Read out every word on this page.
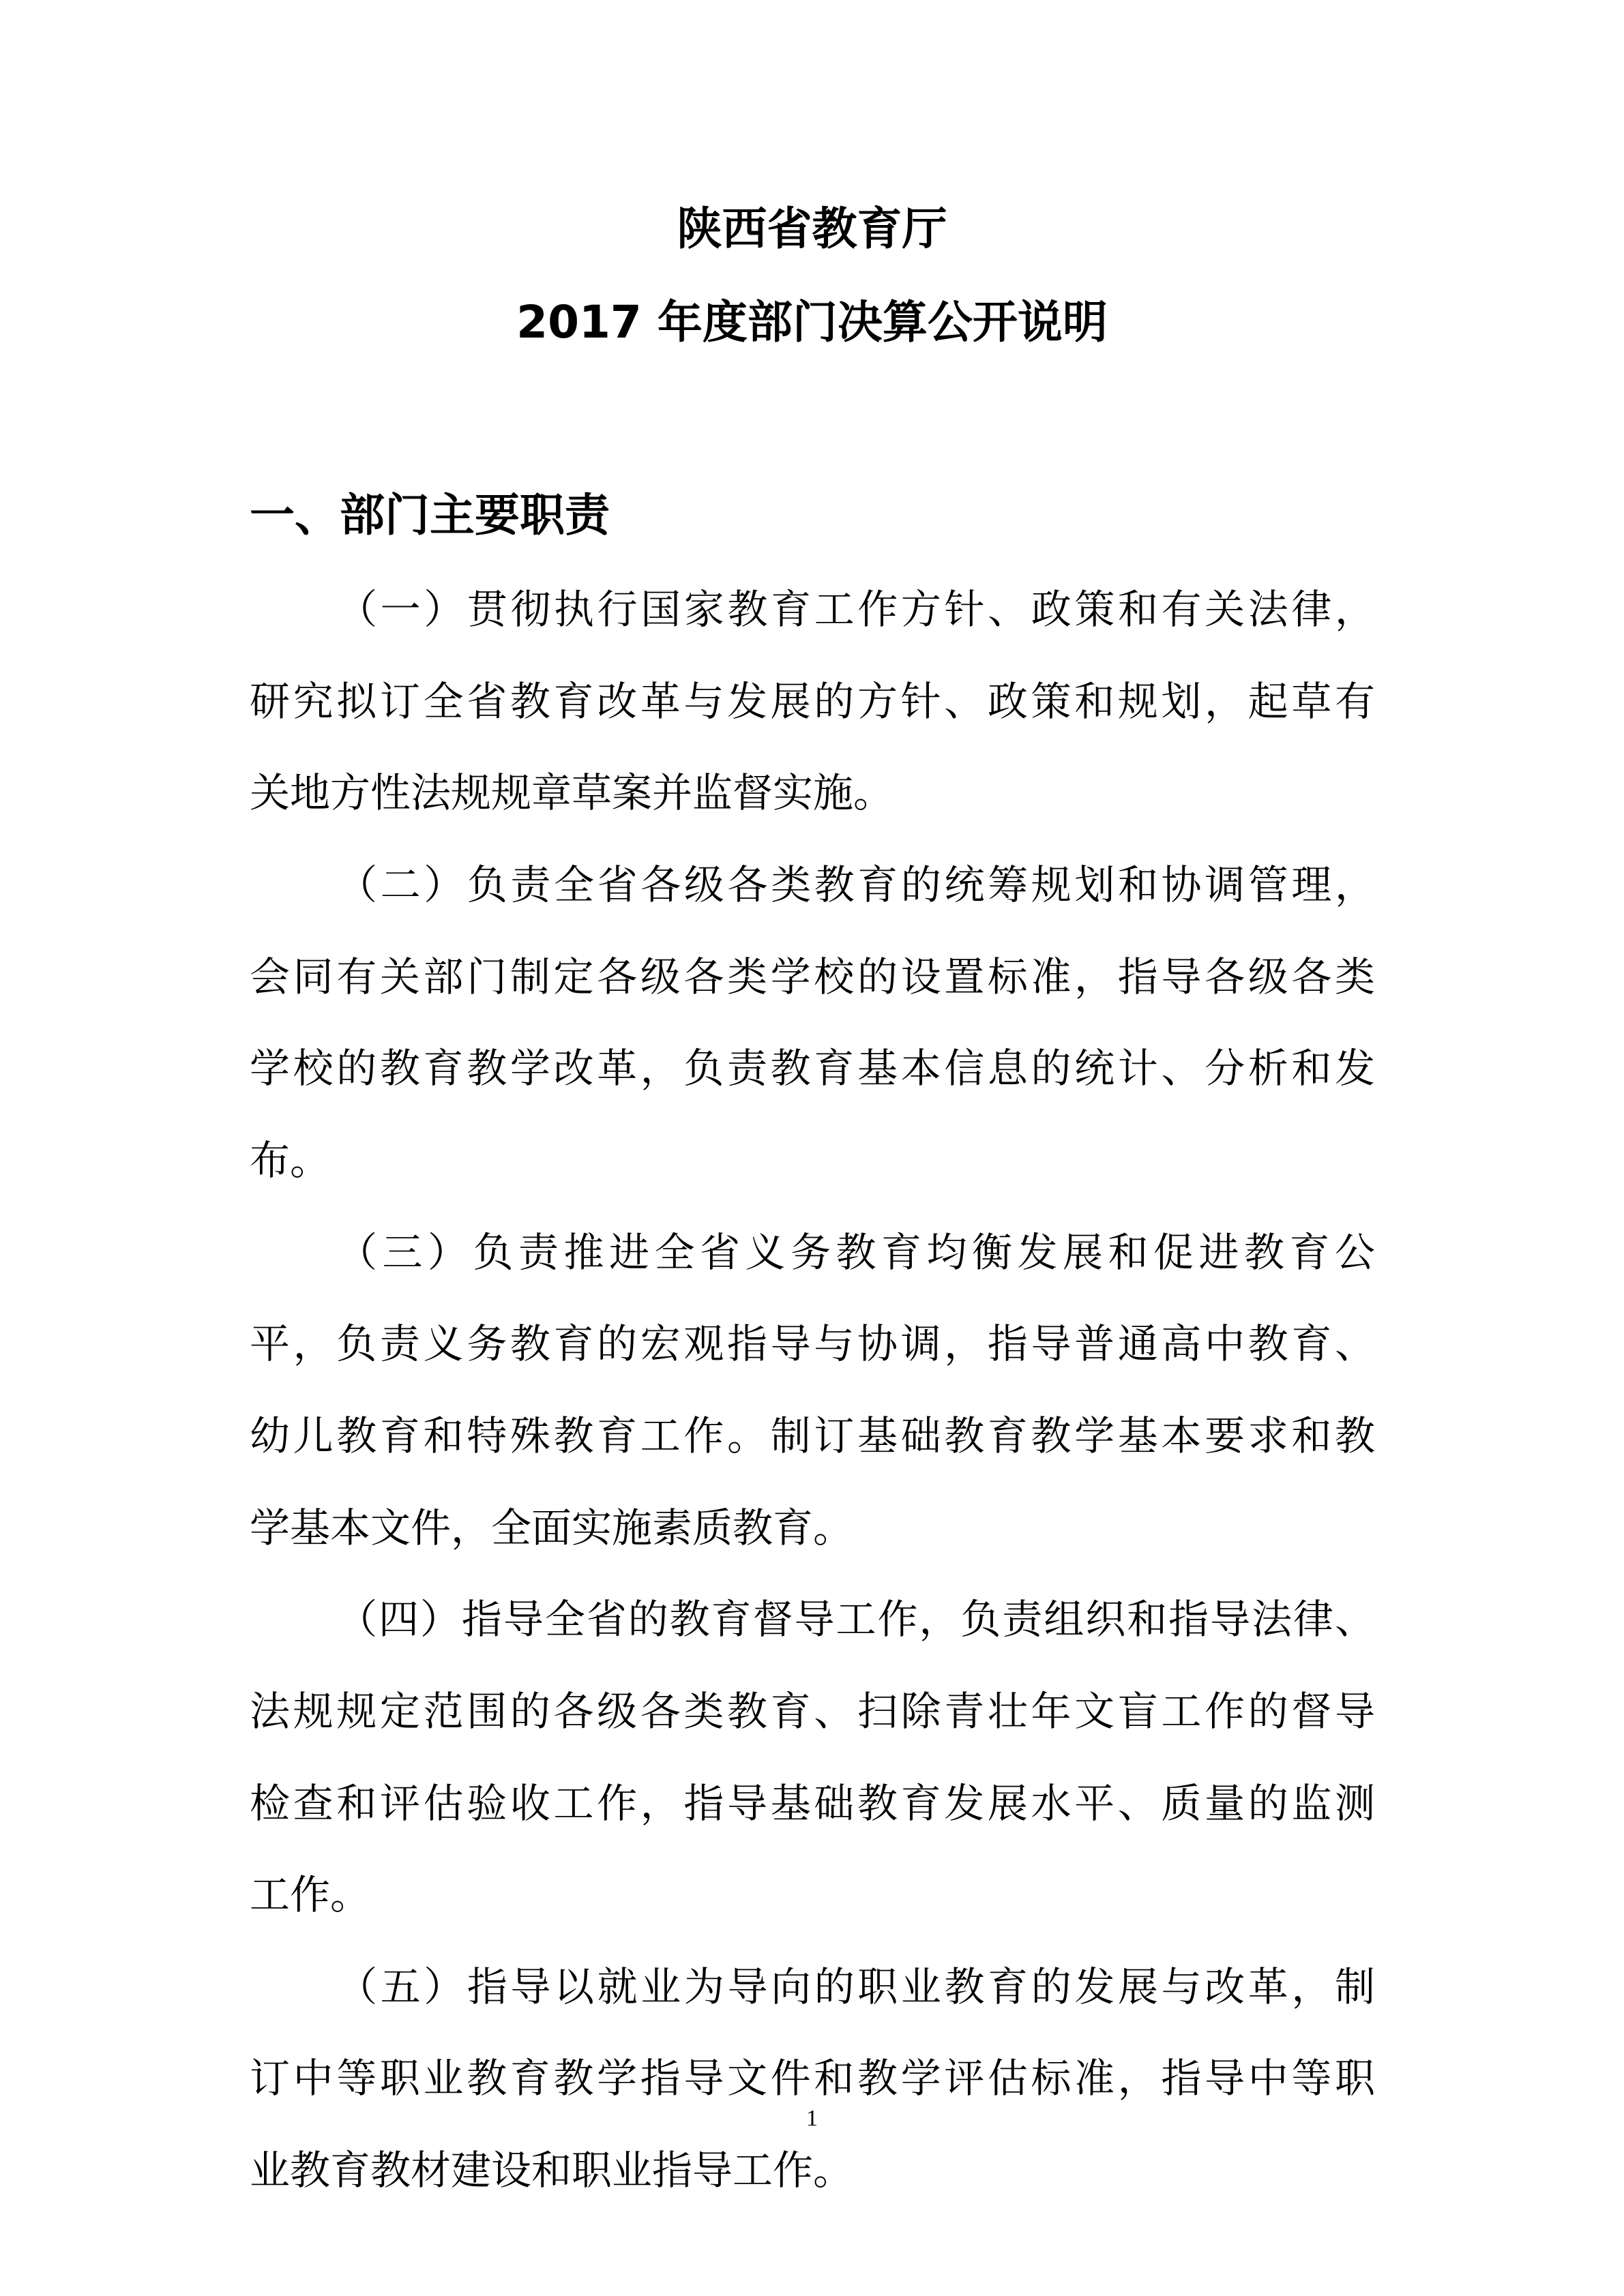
陕西省教育厅
2017 年度部门决算公开说明
一、部门主要职责

（一）贯彻执行国家教育工作方针、政策和有关法律，

研究拟订全省教育改革与发展的方针、政策和规划，起草有

关地方性法规规章草案并监督实施。

（二）负责全省各级各类教育的统筹规划和协调管理，

会同有关部门制定各级各类学校的设置标准，指导各级各类

学校的教育教学改革，负责教育基本信息的统计、分析和发

布。

（三）负责推进全省义务教育均衡发展和促进教育公

平，负责义务教育的宏观指导与协调，指导普通高中教育、

幼儿教育和特殊教育工作。制订基础教育教学基本要求和教

学基本文件，全面实施素质教育。

（四）指导全省的教育督导工作，负责组织和指导法律、

法规规定范围的各级各类教育、扫除青壮年文盲工作的督导

检查和评估验收工作，指导基础教育发展水平、质量的监测

工作。

（五）指导以就业为导向的职业教育的发展与改革，制

订中等职业教育教学指导文件和教学评估标准，指导中等职

业教育教材建设和职业指导工作。

1
